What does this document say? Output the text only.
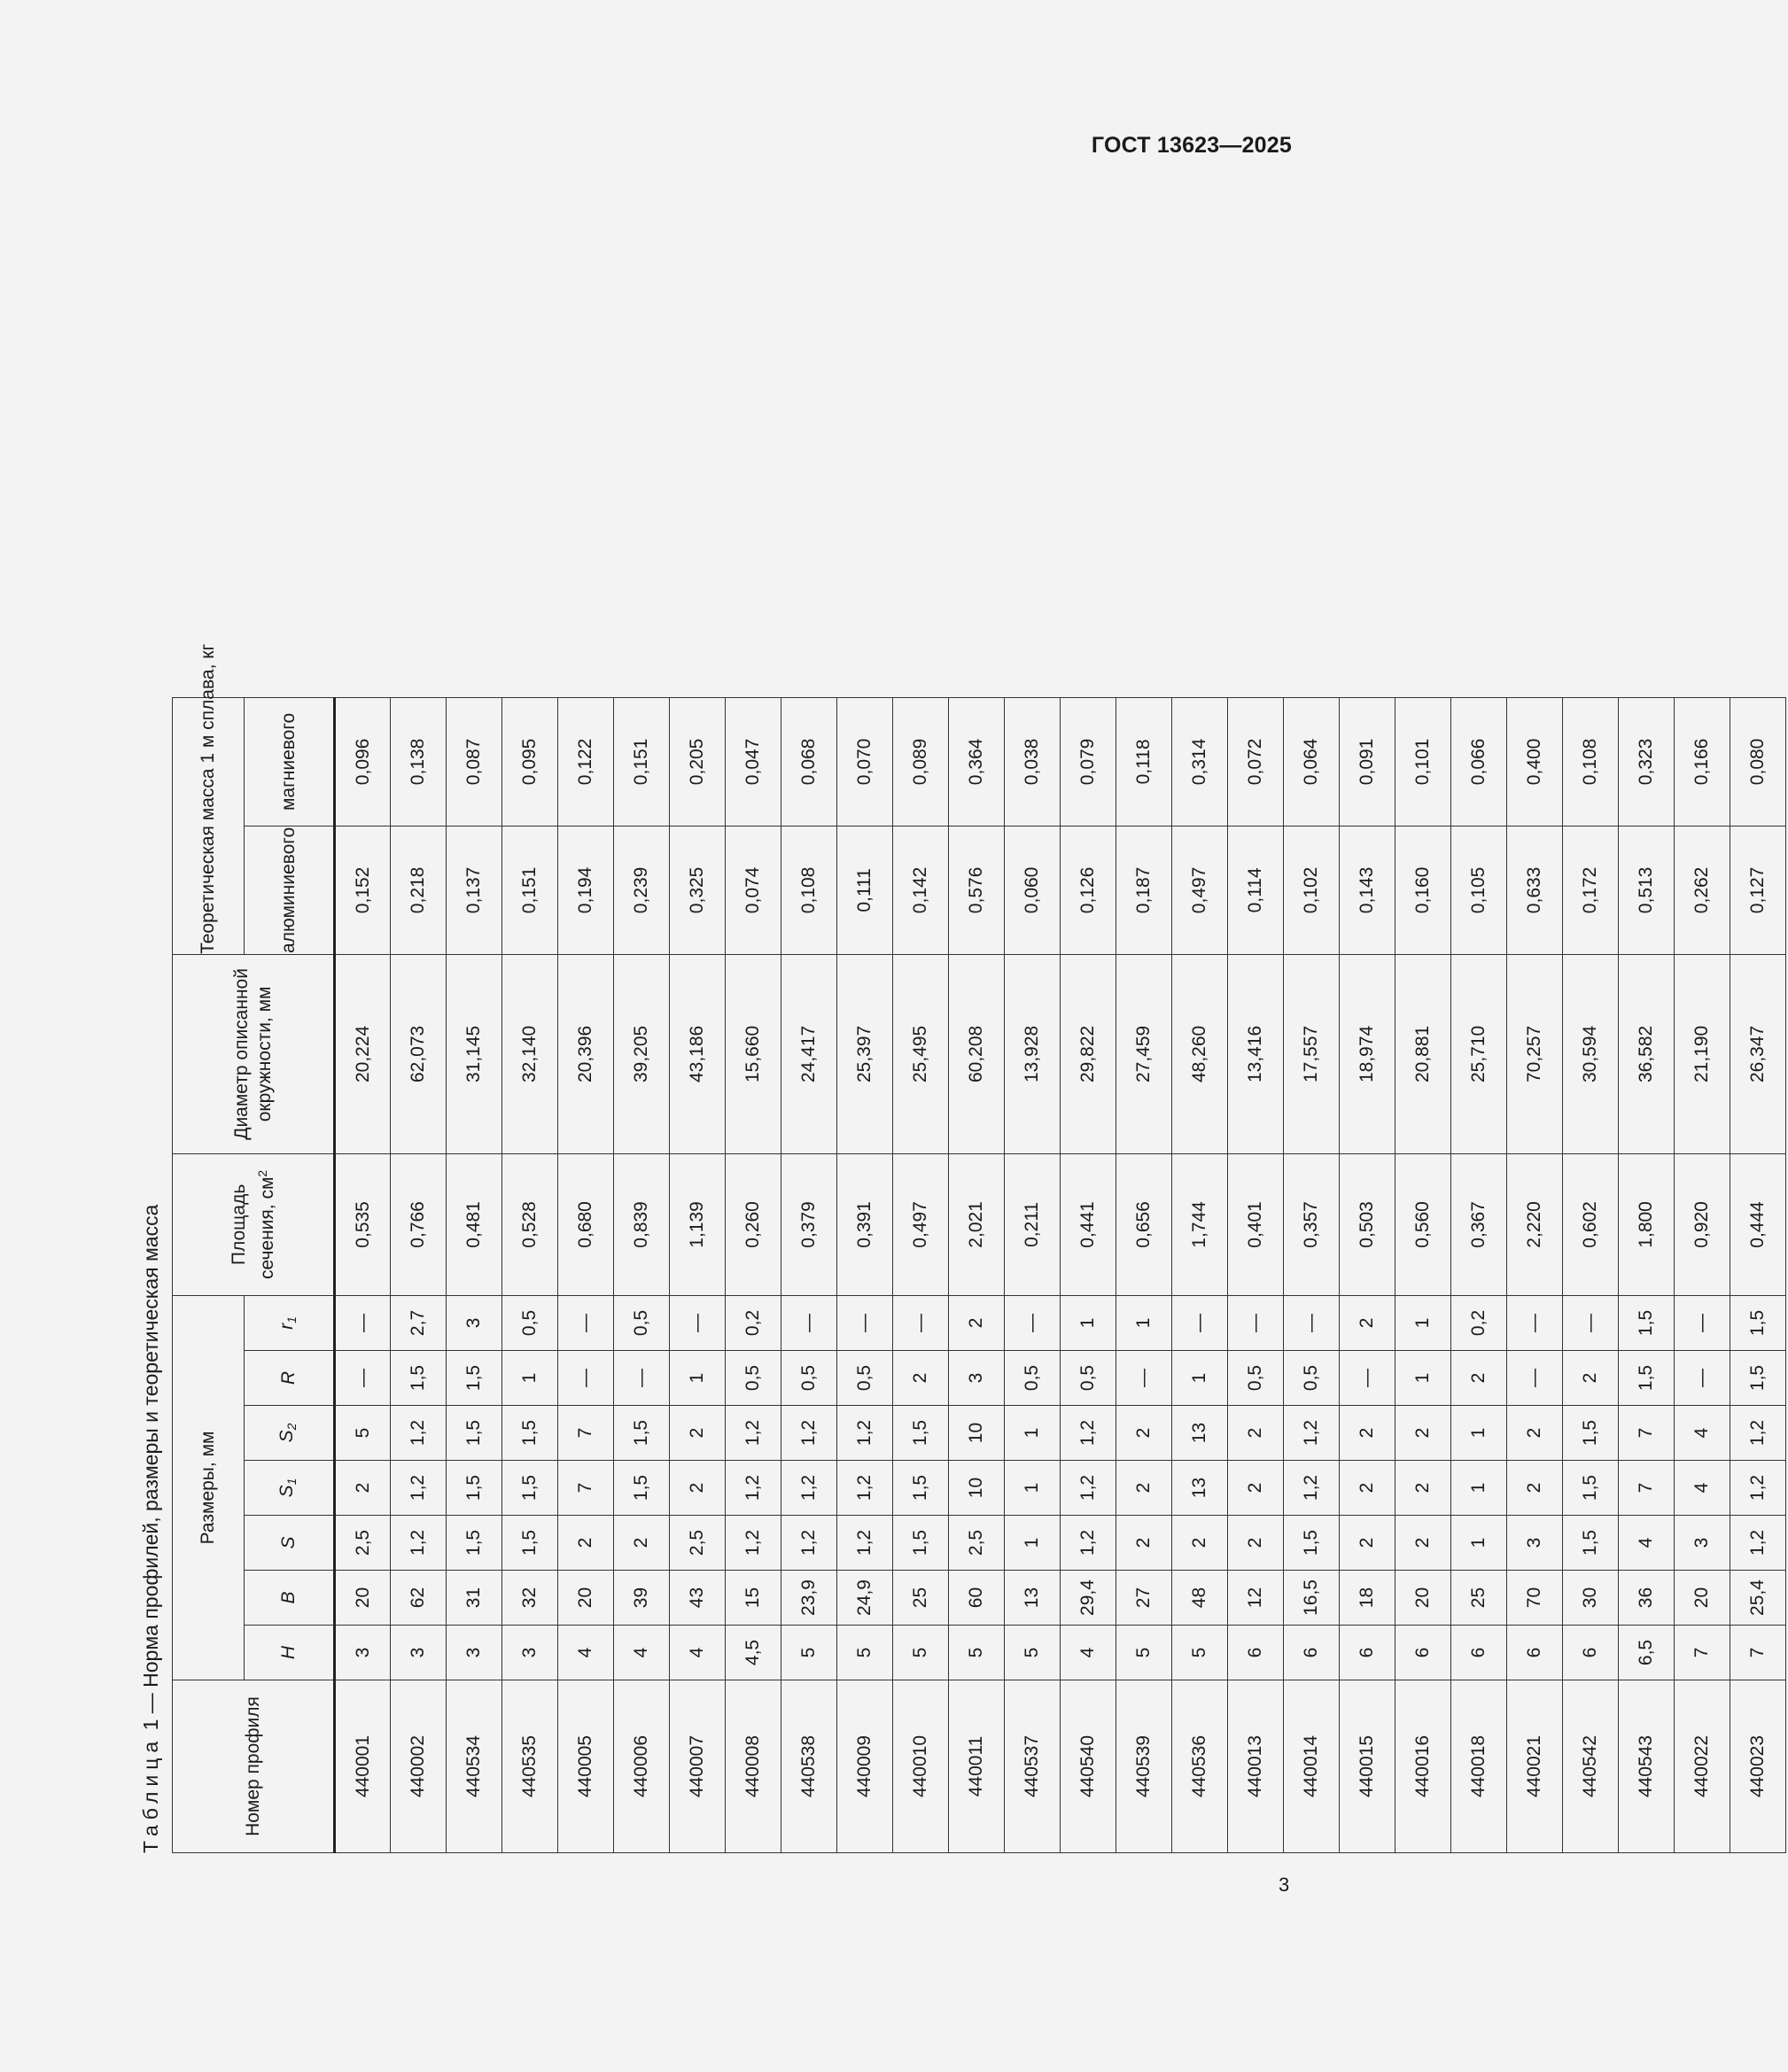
ГОСТ 13623—2025
Таблица 1 — Норма профилей, размеры и теоретическая масса
Номер профиля	Размеры, мм							Площадь сечения, $см^2$	Диаметр описанной окружности, мм	Теоретическая масса 1 м сплава, кг	
	H	B	S	$S_1$	$S_2$	R	$r_1$			алюминиевого	магниевого
440001	3	20	2,5	2	5	—	—	0,535	20,224	0,152	0,096
440002	3	62	1,2	1,2	1,2	1,5	2,7	0,766	62,073	0,218	0,138
440534	3	31	1,5	1,5	1,5	1,5	3	0,481	31,145	0,137	0,087
440535	3	32	1,5	1,5	1,5	1	0,5	0,528	32,140	0,151	0,095
440005	4	20	2	7	7	—	—	0,680	20,396	0,194	0,122
440006	4	39	2	1,5	1,5	—	0,5	0,839	39,205	0,239	0,151
440007	4	43	2,5	2	2	1	—	1,139	43,186	0,325	0,205
440008	4,5	15	1,2	1,2	1,2	0,5	0,2	0,260	15,660	0,074	0,047
440538	5	23,9	1,2	1,2	1,2	0,5	—	0,379	24,417	0,108	0,068
440009	5	24,9	1,2	1,2	1,2	0,5	—	0,391	25,397	0,111	0,070
440010	5	25	1,5	1,5	1,5	2	—	0,497	25,495	0,142	0,089
440011	5	60	2,5	10	10	3	2	2,021	60,208	0,576	0,364
440537	5	13	1	1	1	0,5	—	0,211	13,928	0,060	0,038
440540	4	29,4	1,2	1,2	1,2	0,5	1	0,441	29,822	0,126	0,079
440539	5	27	2	2	2	—	1	0,656	27,459	0,187	0,118
440536	5	48	2	13	13	1	—	1,744	48,260	0,497	0,314
440013	6	12	2	2	2	0,5	—	0,401	13,416	0,114	0,072
440014	6	16,5	1,5	1,2	1,2	0,5	—	0,357	17,557	0,102	0,064
440015	6	18	2	2	2	—	2	0,503	18,974	0,143	0,091
440016	6	20	2	2	2	1	1	0,560	20,881	0,160	0,101
440018	6	25	1	1	1	2	0,2	0,367	25,710	0,105	0,066
440021	6	70	3	2	2	—	—	2,220	70,257	0,633	0,400
440542	6	30	1,5	1,5	1,5	2	—	0,602	30,594	0,172	0,108
440543	6,5	36	4	7	7	1,5	1,5	1,800	36,582	0,513	0,323
440022	7	20	3	4	4	—	—	0,920	21,190	0,262	0,166
440023	7	25,4	1,2	1,2	1,2	1,5	1,5	0,444	26,347	0,127	0,080
3
